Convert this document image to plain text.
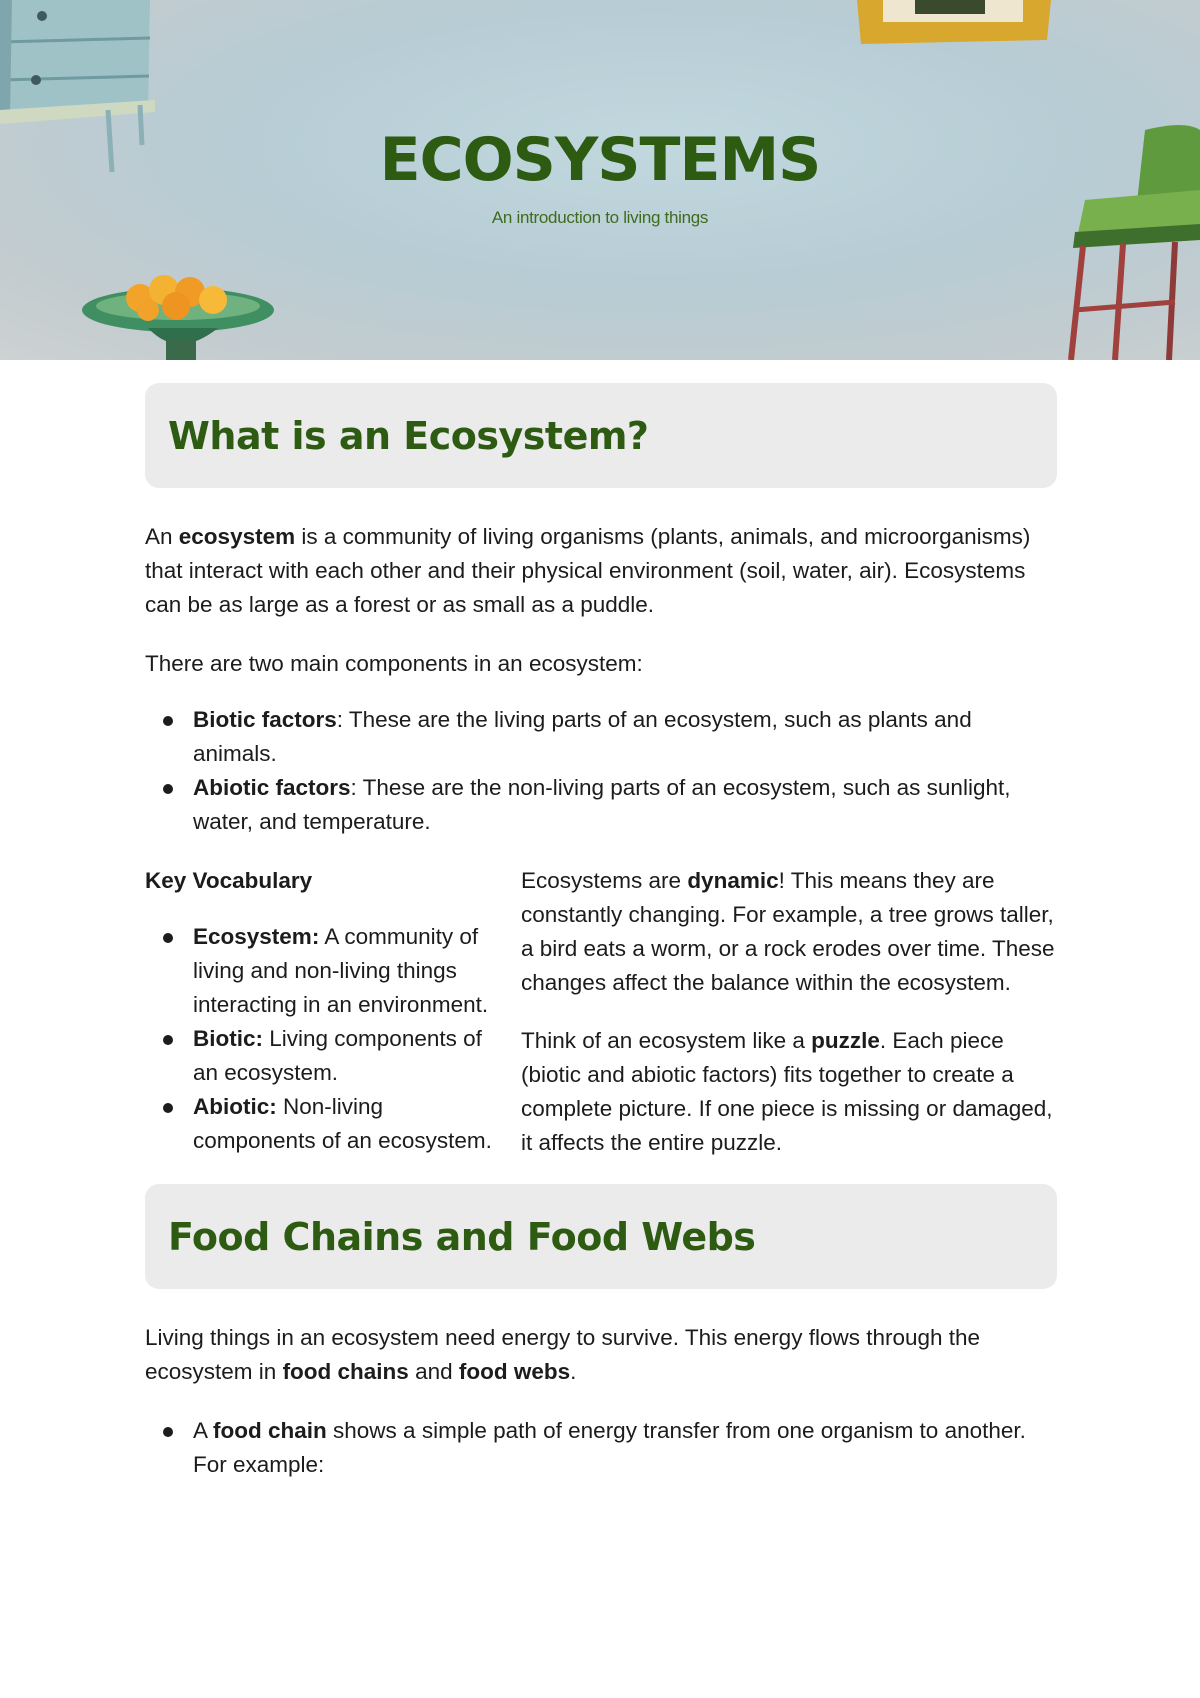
ECOSYSTEMS
An introduction to living things
What is an Ecosystem?

An ecosystem is a community of living organisms (plants, animals, and microorganisms) that interact with each other and their physical environment (soil, water, air). Ecosystems can be as large as a forest or as small as a puddle.

There are two main components in an ecosystem:

Biotic factors: These are the living parts of an ecosystem, such as plants and animals.
Abiotic factors: These are the non-living parts of an ecosystem, such as sunlight, water, and temperature.

Key Vocabulary

Ecosystem: A community of living and non-living things interacting in an environment.
Biotic: Living components of an ecosystem.
Abiotic: Non-living components of an ecosystem.

Ecosystems are dynamic! This means they are constantly changing. For example, a tree grows taller, a bird eats a worm, or a rock erodes over time. These changes affect the balance within the ecosystem.

Think of an ecosystem like a puzzle. Each piece (biotic and abiotic factors) fits together to create a complete picture. If one piece is missing or damaged, it affects the entire puzzle.

Food Chains and Food Webs

Living things in an ecosystem need energy to survive. This energy flows through the ecosystem in food chains and food webs.

A food chain shows a simple path of energy transfer from one organism to another. For example:
